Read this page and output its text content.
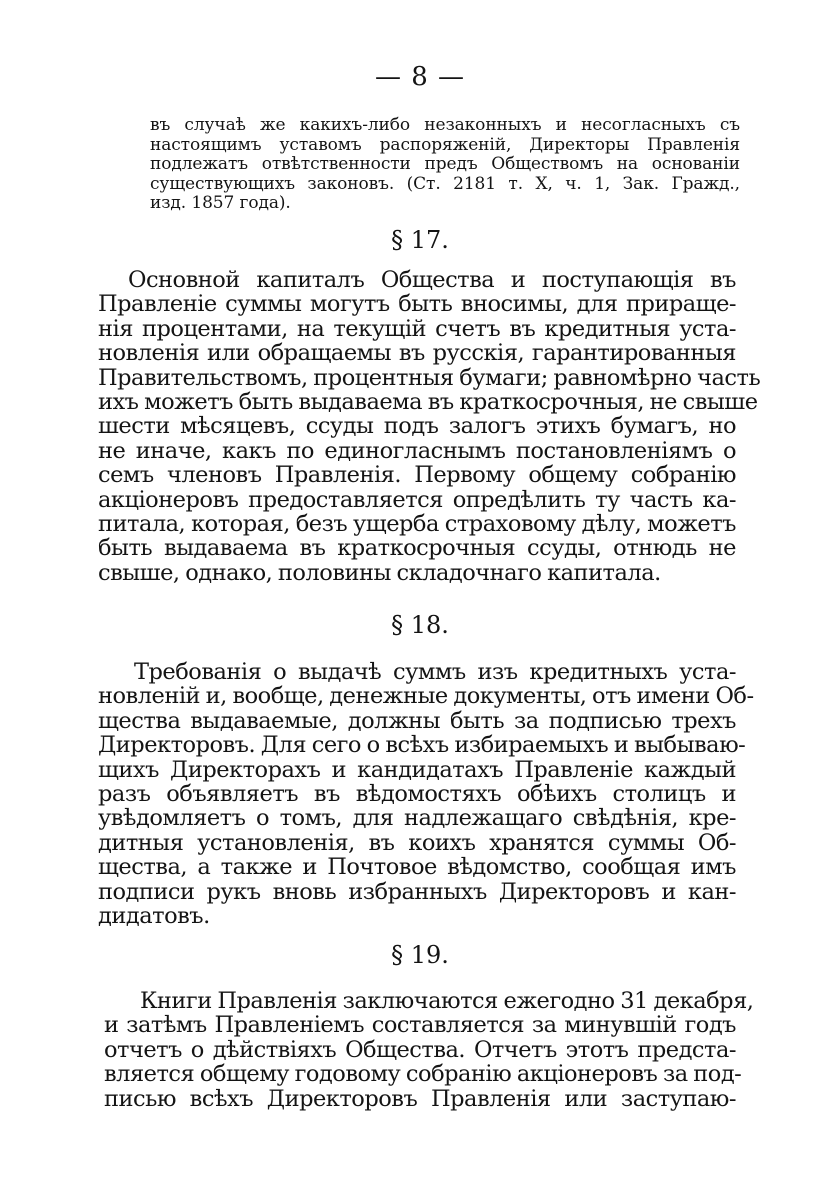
— 8 —
въ случаѣ же какихъ-либо незаконныхъ и несогласныхъ съ
настоящимъ уставомъ распоряженій, Директоры Правленія
подлежатъ отвѣтственности предъ Обществомъ на основаніи
существующихъ законовъ. (Ст. 2181 т. X, ч. 1, Зак. Гражд.,
изд. 1857 года).
§ 17.
Основной капиталъ Общества и поступающія въ
Правленіе суммы могутъ быть вносимы, для прираще-
нія процентами, на текущій счетъ въ кредитныя уста-
новленія или обращаемы въ русскія, гарантированныя
Правительствомъ, процентныя бумаги; равномѣрно часть
ихъ можетъ быть выдаваема въ краткосрочныя, не свыше
шести мѣсяцевъ, ссуды подъ залогъ этихъ бумагъ, но
не иначе, какъ по единогласнымъ постановленіямъ о
семъ членовъ Правленія. Первому общему собранію
акціонеровъ предоставляется опредѣлить ту часть ка-
питала, которая, безъ ущерба страховому дѣлу, можетъ
быть выдаваема въ краткосрочныя ссуды, отнюдь не
свыше, однако, половины складочнаго капитала.
§ 18.
Требованія о выдачѣ суммъ изъ кредитныхъ уста-
новленій и, вообще, денежные документы, отъ имени Об-
щества выдаваемые, должны быть за подписью трехъ
Директоровъ. Для сего о всѣхъ избираемыхъ и выбываю-
щихъ Директорахъ и кандидатахъ Правленіе каждый
разъ объявляетъ въ вѣдомостяхъ обѣихъ столицъ и
увѣдомляетъ о томъ, для надлежащаго свѣдѣнія, кре-
дитныя установленія, въ коихъ хранятся суммы Об-
щества, а также и Почтовое вѣдомство, сообщая имъ
подписи рукъ вновь избранныхъ Директоровъ и кан-
дидатовъ.
§ 19.
Книги Правленія заключаются ежегодно 31 декабря,
и затѣмъ Правленіемъ составляется за минувшій годъ
отчетъ о дѣйствіяхъ Общества. Отчетъ этотъ предста-
вляется общему годовому собранію акціонеровъ за под-
писью всѣхъ Директоровъ Правленія или заступаю-
